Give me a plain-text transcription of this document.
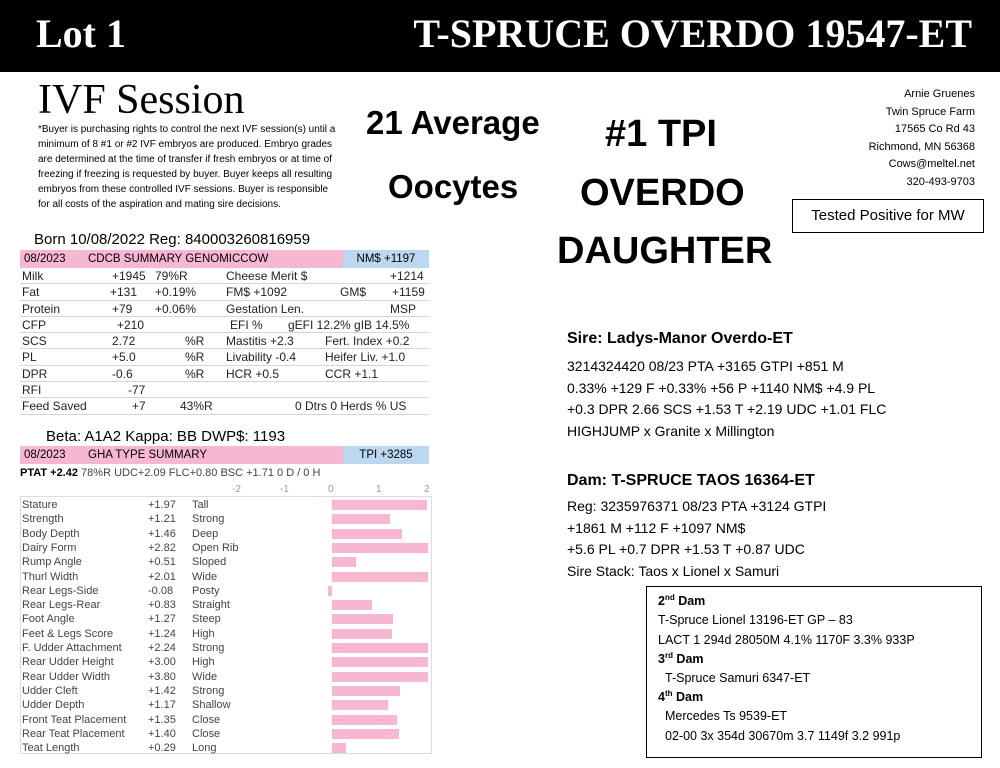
Lot 1	T-SPRUCE OVERDO 19547-ET
IVF Session
*Buyer is purchasing rights to control the next IVF session(s) until a minimum of 8 #1 or #2 IVF embryos are produced. Embryo grades are determined at the time of transfer if fresh embryos or at time of freezing if freezing is requested by buyer. Buyer keeps all resulting embryos from these controlled IVF sessions. Buyer is responsible for all costs of the aspiration and mating sire decisions.
21 Average
Oocytes
#1 TPI
OVERDO
DAUGHTER
Arnie Gruenes
Twin Spruce Farm
17565 Co Rd 43
Richmond, MN 56368
Cows@meltel.net
320-493-9703
Tested Positive for MW
Born 10/08/2022 Reg: 840003260816959
08/2023	CDCB SUMMARY GENOMICCOW	NM$ +1197
Milk	+1945 79%R	Cheese Merit $	+1214
Fat	+131 +0.19% FM$ +1092	GM$ +1159
Protein	+79 +0.06% Gestation Len.	MSP
CFP	+210	EFI % gEFI 12.2% gIB 14.5%
SCS	2.72	%R Mastitis +2.3	Fert. Index +0.2
PL	+5.0	%R Livability -0.4 Heifer Liv. +1.0
DPR	-0.6	%R HCR +0.5	CCR +1.1
RFI	-77
Feed Saved	+7	43%R	0 Dtrs 0 Herds % US
Beta: A1A2 Kappa: BB DWP$: 1193
08/2023	GHA TYPE SUMMARY	TPI +3285
PTAT +2.42 78%R UDC+2.09 FLC+0.80 BSC +1.71 0 D / 0 H
-2	-1	0	1	2
Stature	+1.97 Tall
Strength	+1.21 Strong
Body Depth	+1.46 Deep
Dairy Form	+2.82 Open Rib
Rump Angle	+0.51 Sloped
Thurl Width	+2.01 Wide
Rear Legs-Side	-0.08 Posty
Rear Legs-Rear	+0.83 Straight
Foot Angle	+1.27 Steep
Feet & Legs Score	+1.24 High
F. Udder Attachment +2.24 Strong
Rear Udder Height	+3.00 High
Rear Udder Width	+3.80 Wide
Udder Cleft	+1.42 Strong
Udder Depth	+1.17 Shallow
Front Teat Placement +1.35 Close
Rear Teat Placement +1.40 Close
Teat Length	+0.29 Long
Sire: Ladys-Manor Overdo-ET
3214324420 08/23 PTA +3165 GTPI +851 M
0.33% +129 F +0.33% +56 P +1140 NM$ +4.9 PL
+0.3 DPR 2.66 SCS +1.53 T +2.19 UDC +1.01 FLC
HIGHJUMP x Granite x Millington
Dam: T-SPRUCE TAOS 16364-ET
Reg: 3235976371 08/23 PTA +3124 GTPI
+1861 M +112 F +1097 NM$
+5.6 PL +0.7 DPR +1.53 T +0.87 UDC
Sire Stack: Taos x Lionel x Samuri
2nd Dam
T-Spruce Lionel 13196-ET GP – 83
LACT 1 294d 28050M 4.1% 1170F 3.3% 933P
3rd Dam
T-Spruce Samuri 6347-ET
4th Dam
Mercedes Ts 9539-ET
02-00 3x 354d 30670m 3.7 1149f 3.2 991p
